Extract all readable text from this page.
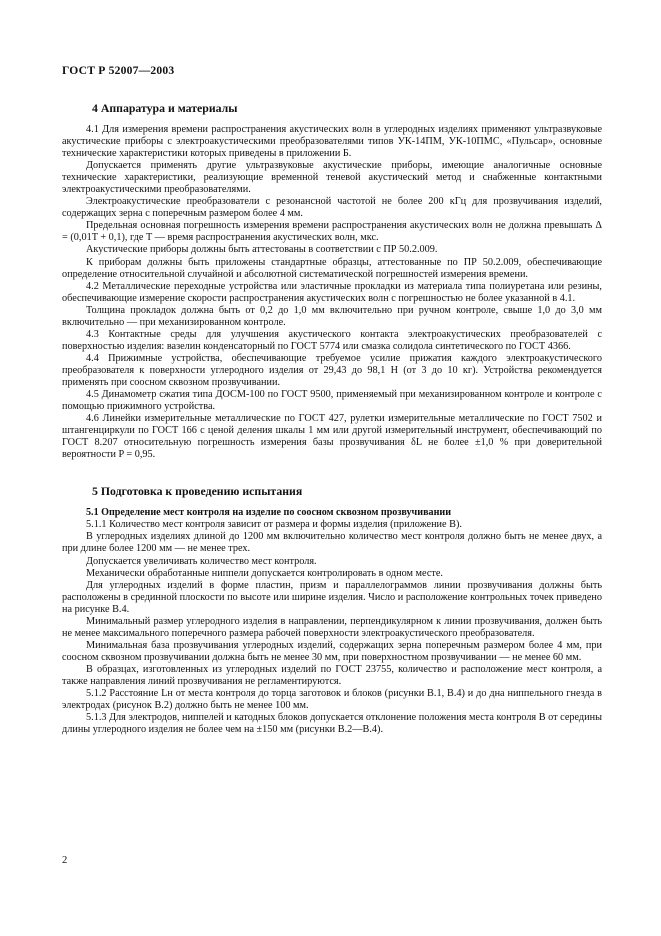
ГОСТ Р 52007—2003
4 Аппаратура и материалы

4.1 Для измерения времени распространения акустических волн в углеродных изделиях применяют ультразвуковые акустические приборы с электроакустическими преобразователями типов УК-14ПМ, УК-10ПМС, «Пульсар», основные технические характеристики которых приведены в приложении Б.

Допускается применять другие ультразвуковые акустические приборы, имеющие аналогичные основные технические характеристики, реализующие временной теневой акустический метод и снабженные контактными электроакустическими преобразователями.

Электроакустические преобразователи с резонансной частотой не более 200 кГц для прозвучивания изделий, содержащих зерна с поперечным размером более 4 мм.

Предельная основная погрешность измерения времени распространения акустических волн не должна превышать Δ = (0,01T + 0,1), где T — время распространения акустических волн, мкс.

Акустические приборы должны быть аттестованы в соответствии с ПР 50.2.009.

К приборам должны быть приложены стандартные образцы, аттестованные по ПР 50.2.009, обеспечивающие определение относительной случайной и абсолютной систематической погрешностей измерения времени.

4.2 Металлические переходные устройства или эластичные прокладки из материала типа полиуретана или резины, обеспечивающие измерение скорости распространения акустических волн с погрешностью не более указанной в 4.1.

Толщина прокладок должна быть от 0,2 до 1,0 мм включительно при ручном контроле, свыше 1,0 до 3,0 мм включительно — при механизированном контроле.

4.3 Контактные среды для улучшения акустического контакта электроакустических преобразователей с поверхностью изделия: вазелин конденсаторный по ГОСТ 5774 или смазка солидола синтетического по ГОСТ 4366.

4.4 Прижимные устройства, обеспечивающие требуемое усилие прижатия каждого электроакустического преобразователя к поверхности углеродного изделия от 29,43 до 98,1 Н (от 3 до 10 кг). Устройства рекомендуется применять при соосном сквозном прозвучивании.

4.5 Динамометр сжатия типа ДОСМ-100 по ГОСТ 9500, применяемый при механизированном контроле и контроле с помощью прижимного устройства.

4.6 Линейки измерительные металлические по ГОСТ 427, рулетки измерительные металлические по ГОСТ 7502 и штангенциркули по ГОСТ 166 с ценой деления шкалы 1 мм или другой измерительный инструмент, обеспечивающий по ГОСТ 8.207 относительную погрешность измерения базы прозвучивания δL не более ±1,0 % при доверительной вероятности P = 0,95.

5 Подготовка к проведению испытания
5.1 Определение мест контроля на изделие по соосном сквозном прозвучивании

5.1.1 Количество мест контроля зависит от размера и формы изделия (приложение В).

В углеродных изделиях длиной до 1200 мм включительно количество мест контроля должно быть не менее двух, а при длине более 1200 мм — не менее трех.

Допускается увеличивать количество мест контроля.

Механически обработанные ниппели допускается контролировать в одном месте.

Для углеродных изделий в форме пластин, призм и параллелограммов линии прозвучивания должны быть расположены в срединной плоскости по высоте или ширине изделия. Число и расположение контрольных точек приведено на рисунке В.4.

Минимальный размер углеродного изделия в направлении, перпендикулярном к линии прозвучивания, должен быть не менее максимального поперечного размера рабочей поверхности электроакустического преобразователя.

Минимальная база прозвучивания углеродных изделий, содержащих зерна поперечным размером более 4 мм, при соосном сквозном прозвучивании должна быть не менее 30 мм, при поверхностном прозвучивании — не менее 60 мм.

В образцах, изготовленных из углеродных изделий по ГОСТ 23755, количество и расположение мест контроля, а также направления линий прозвучивания не регламентируются.

5.1.2 Расстояние Lн от места контроля до торца заготовок и блоков (рисунки В.1, В.4) и до дна ниппельного гнезда в электродах (рисунок В.2) должно быть не менее 100 мм.

5.1.3 Для электродов, ниппелей и катодных блоков допускается отклонение положения места контроля B от середины длины углеродного изделия не более чем на ±150 мм (рисунки В.2—В.4).

2
